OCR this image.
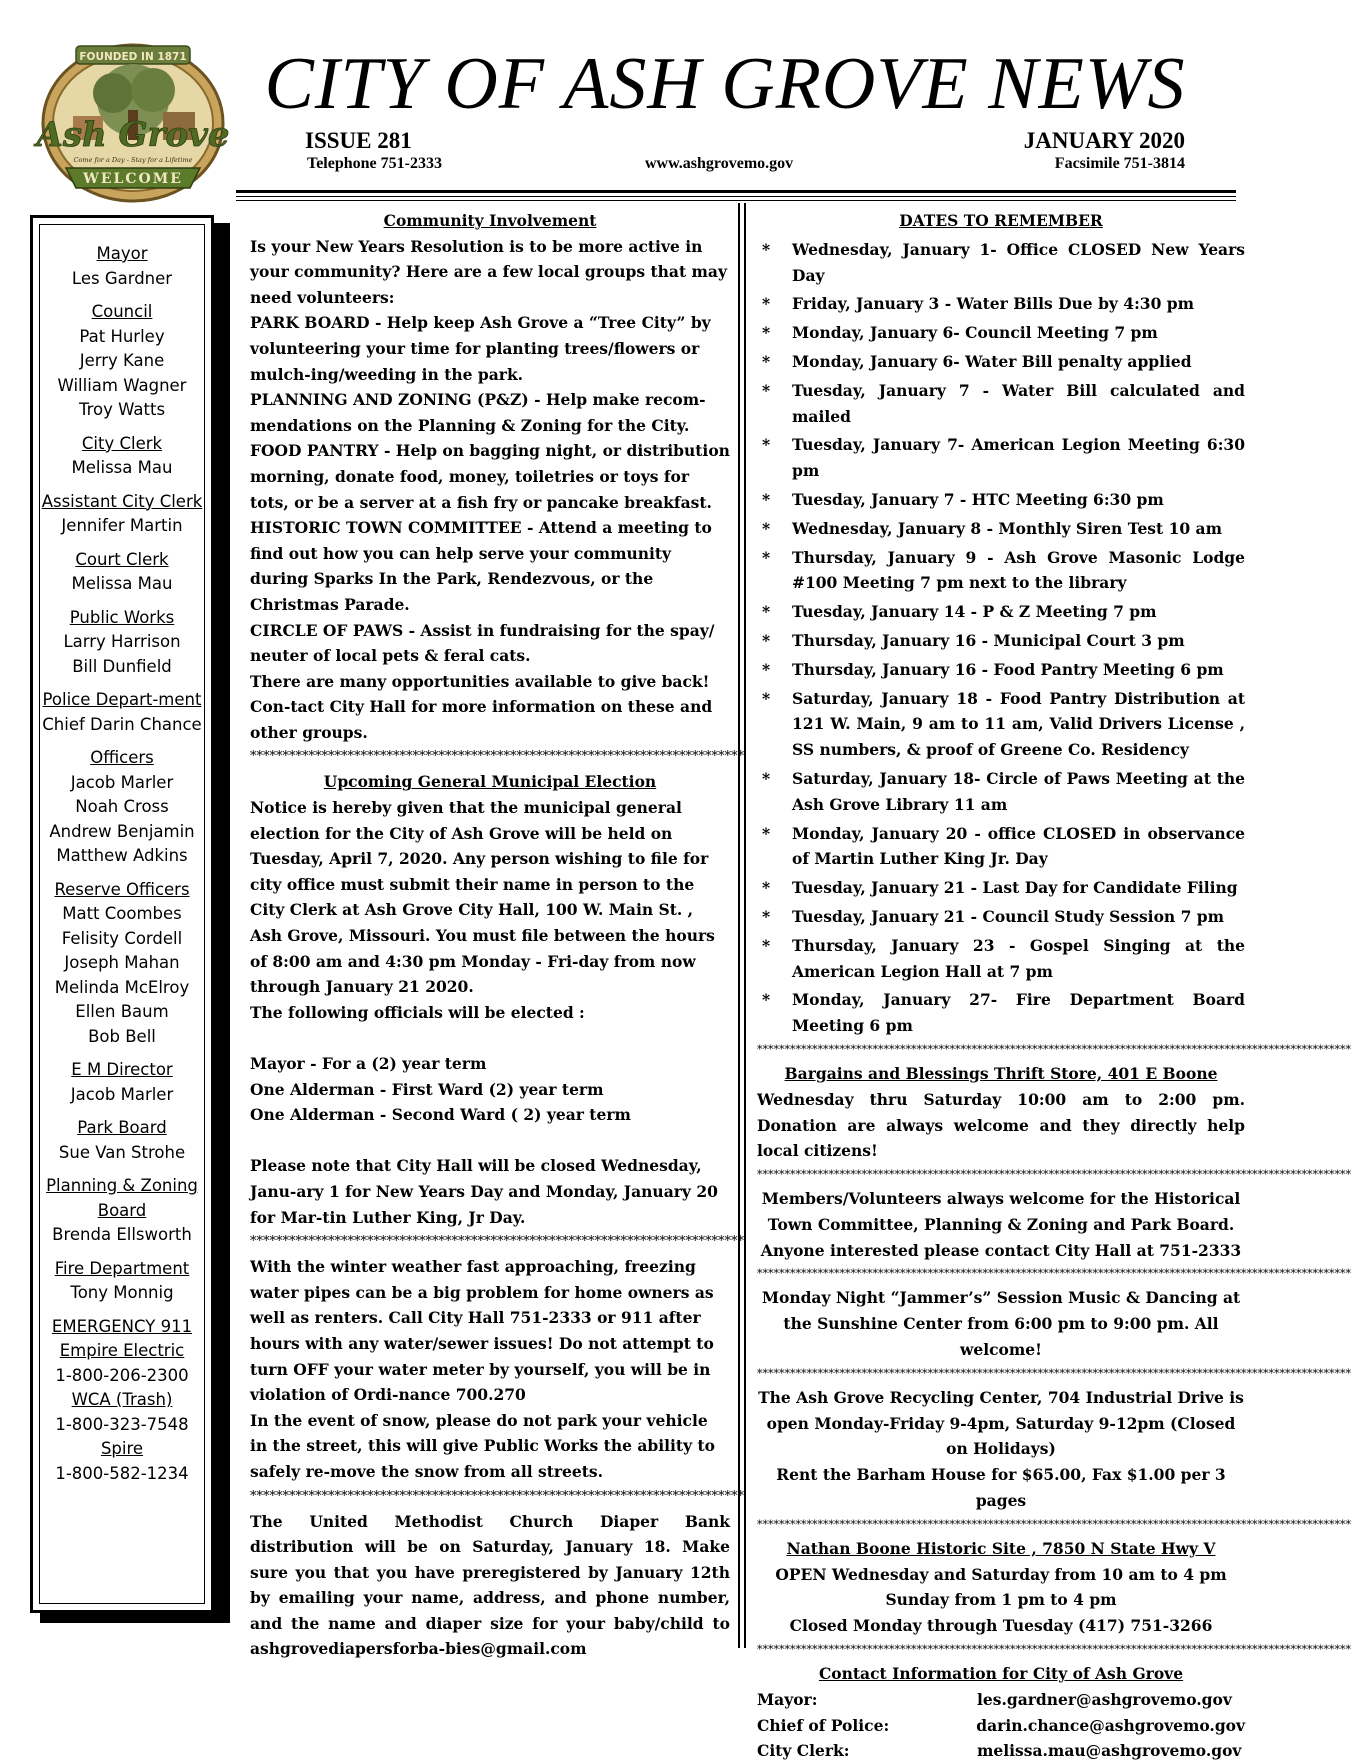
FOUNDED IN 1871
Ash Grove
Come for a Day - Stay for a Lifetime
WELCOME
CITY OF ASH GROVE NEWS
ISSUE 281	JANUARY 2020
Telephone 751-2333	www.ashgrovemo.gov	Facsimile 751-3814
Mayor
Les Gardner
Council
Pat Hurley
Jerry Kane
William Wagner
Troy Watts
City Clerk
Melissa Mau
Assistant City Clerk
Jennifer Martin
Court Clerk
Melissa Mau
Public Works
Larry Harrison
Bill Dunfield
Police Depart-ment
Chief Darin Chance
Officers
Jacob Marler
Noah Cross
Andrew Benjamin
Matthew Adkins
Reserve Officers
Matt Coombes
Felisity Cordell
Joseph Mahan
Melinda McElroy
Ellen Baum
Bob Bell
E M Director
Jacob Marler
Park Board
Sue Van Strohe
Planning & Zoning Board
Brenda Ellsworth
Fire Department
Tony Monnig
EMERGENCY 911
Empire Electric
1-800-206-2300
WCA (Trash)
1-800-323-7548
Spire
1-800-582-1234

Community Involvement

Is your New Years Resolution is to be more active in your community? Here are a few local groups that may need volunteers:

PARK BOARD - Help keep Ash Grove a “Tree City” by volunteering your time for planting trees/flowers or mulch-ing/weeding in the park.

PLANNING AND ZONING (P&Z) - Help make recom-mendations on the Planning & Zoning for the City.

FOOD PANTRY - Help on bagging night, or distribution morning, donate food, money, toiletries or toys for tots, or be a server at a fish fry or pancake breakfast.

HISTORIC TOWN COMMITTEE - Attend a meeting to find out how you can help serve your community during Sparks In the Park, Rendezvous, or the Christmas Parade.

CIRCLE OF PAWS - Assist in fundraising for the spay/ neuter of local pets & feral cats.

There are many opportunities available to give back! Con-tact City Hall for more information on these and other groups.

****************************************************************************

Upcoming General Municipal Election

Notice is hereby given that the municipal general election for the City of Ash Grove will be held on Tuesday, April 7, 2020. Any person wishing to file for city office must submit their name in person to the City Clerk at Ash Grove City Hall, 100 W. Main St. , Ash Grove, Missouri. You must file between the hours of 8:00 am and 4:30 pm Monday - Fri-day from now through January 21 2020.

The following officials will be elected :

Mayor - For a (2) year term

One Alderman - First Ward (2) year term

One Alderman - Second Ward ( 2) year term

Please note that City Hall will be closed Wednesday, Janu-ary 1 for New Years Day and Monday, January 20 for Mar-tin Luther King, Jr Day.

****************************************************************************

With the winter weather fast approaching, freezing water pipes can be a big problem for home owners as well as renters. Call City Hall 751-2333 or 911 after hours with any water/sewer issues! Do not attempt to turn OFF your water meter by yourself, you will be in violation of Ordi-nance 700.270

In the event of snow, please do not park your vehicle in the street, this will give Public Works the ability to safely re-move the snow from all streets.

****************************************************************************

The United Methodist Church Diaper Bank distribution will be on Saturday, January 18. Make sure you that you have preregistered by January 12th by emailing your name, address, and phone number, and the name and diaper size for your baby/child to ashgrovediapersforba-bies@gmail.com

DATES TO REMEMBER
*	Wednesday, January 1- Office CLOSED New Years Day
*	Friday, January 3 - Water Bills Due by 4:30 pm
*	Monday, January 6- Council Meeting 7 pm
*	Monday, January 6- Water Bill penalty applied
*	Tuesday, January 7 - Water Bill calculated and mailed
*	Tuesday, January 7- American Legion Meeting 6:30 pm
*	Tuesday, January 7 - HTC Meeting 6:30 pm
*	Wednesday, January 8 - Monthly Siren Test 10 am
*	Thursday, January 9 - Ash Grove Masonic Lodge #100 Meeting 7 pm next to the library
*	Tuesday, January 14 - P & Z Meeting 7 pm
*	Thursday, January 16 - Municipal Court 3 pm
*	Thursday, January 16 - Food Pantry Meeting 6 pm
*	Saturday, January 18 - Food Pantry Distribution at 121 W. Main, 9 am to 11 am, Valid Drivers License , SS numbers, & proof of Greene Co. Residency
*	Saturday, January 18- Circle of Paws Meeting at the Ash Grove Library 11 am
*	Monday, January 20 - office CLOSED in observance of Martin Luther King Jr. Day
*	Tuesday, January 21 - Last Day for Candidate Filing
*	Tuesday, January 21 - Council Study Session 7 pm
*	Thursday, January 23 - Gospel Singing at the American Legion Hall at 7 pm
*	Monday, January 27- Fire Department Board Meeting 6 pm
************************************************************************************************************
Bargains and Blessings Thrift Store, 401 E Boone
Wednesday thru Saturday 10:00 am to 2:00 pm. Donation are always welcome and they directly help local citizens!
************************************************************************************************************
Members/Volunteers always welcome for the Historical Town Committee, Planning & Zoning and Park Board.
Anyone interested please contact City Hall at 751-2333
************************************************************************************************************
Monday Night “Jammer’s” Session Music & Dancing at
the Sunshine Center from 6:00 pm to 9:00 pm. All welcome!
************************************************************************************************************
The Ash Grove Recycling Center, 704 Industrial Drive is open Monday-Friday 9-4pm, Saturday 9-12pm (Closed on Holidays)
Rent the Barham House for $65.00, Fax $1.00 per 3 pages
************************************************************************************************************
Nathan Boone Historic Site , 7850 N State Hwy V
OPEN Wednesday and Saturday from 10 am to 4 pm
Sunday from 1 pm to 4 pm
Closed Monday through Tuesday (417) 751-3266
************************************************************************************************************
Contact Information for City of Ash Grove
Mayor:	les.gardner@ashgrovemo.gov
Chief of Police:	darin.chance@ashgrovemo.gov
City Clerk:	melissa.mau@ashgrovemo.gov
